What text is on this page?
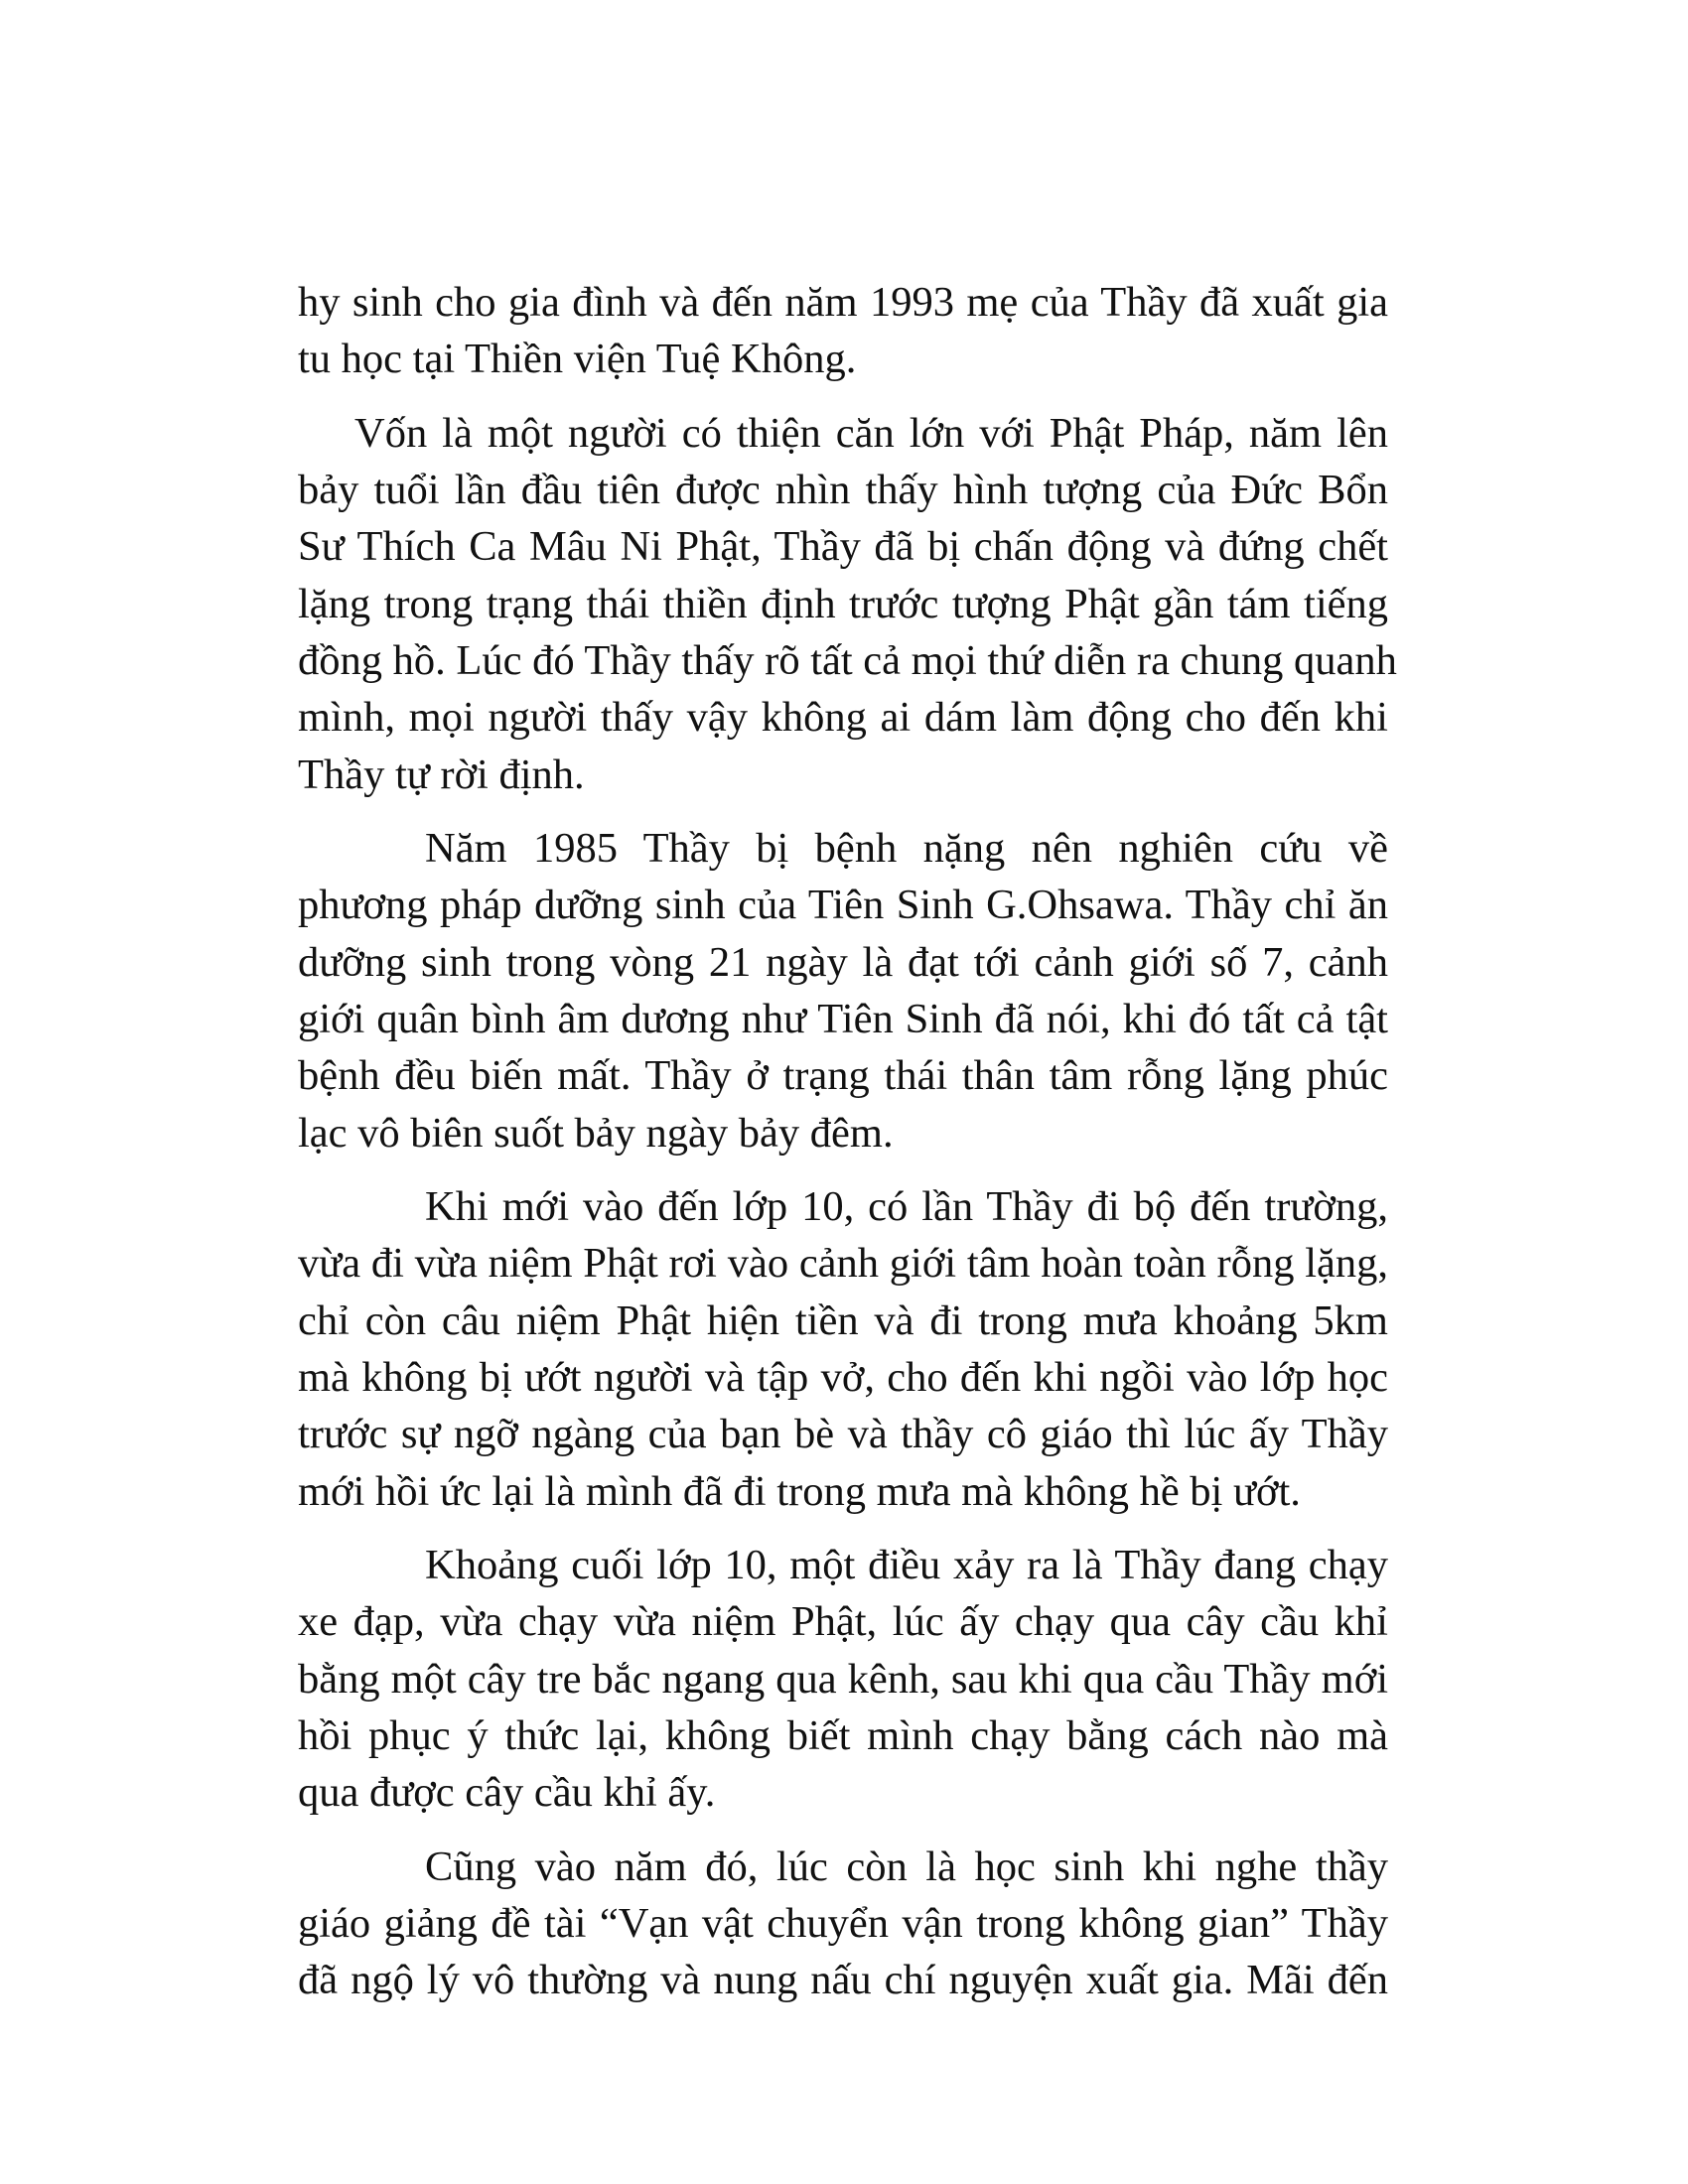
hy sinh cho gia đình và đến năm 1993 mẹ của Thầy đã xuất gia
tu học tại Thiền viện Tuệ Không.
Vốn là một người có thiện căn lớn với Phật Pháp, năm lên
bảy tuổi lần đầu tiên được nhìn thấy hình tượng của Đức Bổn
Sư Thích Ca Mâu Ni Phật, Thầy đã bị chấn động và đứng chết
lặng trong trạng thái thiền định trước tượng Phật gần tám tiếng
đồng hồ. Lúc đó Thầy thấy rõ tất cả mọi thứ diễn ra chung quanh
mình, mọi người thấy vậy không ai dám làm động cho đến khi
Thầy tự rời định.
Năm 1985 Thầy bị bệnh nặng nên nghiên cứu về
phương pháp dưỡng sinh của Tiên Sinh G.Ohsawa. Thầy chỉ ăn
dưỡng sinh trong vòng 21 ngày là đạt tới cảnh giới số 7, cảnh
giới quân bình âm dương như Tiên Sinh đã nói, khi đó tất cả tật
bệnh đều biến mất. Thầy ở trạng thái thân tâm rỗng lặng phúc
lạc vô biên suốt bảy ngày bảy đêm.
Khi mới vào đến lớp 10, có lần Thầy đi bộ đến trường,
vừa đi vừa niệm Phật rơi vào cảnh giới tâm hoàn toàn rỗng lặng,
chỉ còn câu niệm Phật hiện tiền và đi trong mưa khoảng 5km
mà không bị ướt người và tập vở, cho đến khi ngồi vào lớp học
trước sự ngỡ ngàng của bạn bè và thầy cô giáo thì lúc ấy Thầy
mới hồi ức lại là mình đã đi trong mưa mà không hề bị ướt.
Khoảng cuối lớp 10, một điều xảy ra là Thầy đang chạy
xe đạp, vừa chạy vừa niệm Phật, lúc ấy chạy qua cây cầu khỉ
bằng một cây tre bắc ngang qua kênh, sau khi qua cầu Thầy mới
hồi phục ý thức lại, không biết mình chạy bằng cách nào mà
qua được cây cầu khỉ ấy.
Cũng vào năm đó, lúc còn là học sinh khi nghe thầy
giáo giảng đề tài “Vạn vật chuyển vận trong không gian” Thầy
đã ngộ lý vô thường và nung nấu chí nguyện xuất gia. Mãi đến
